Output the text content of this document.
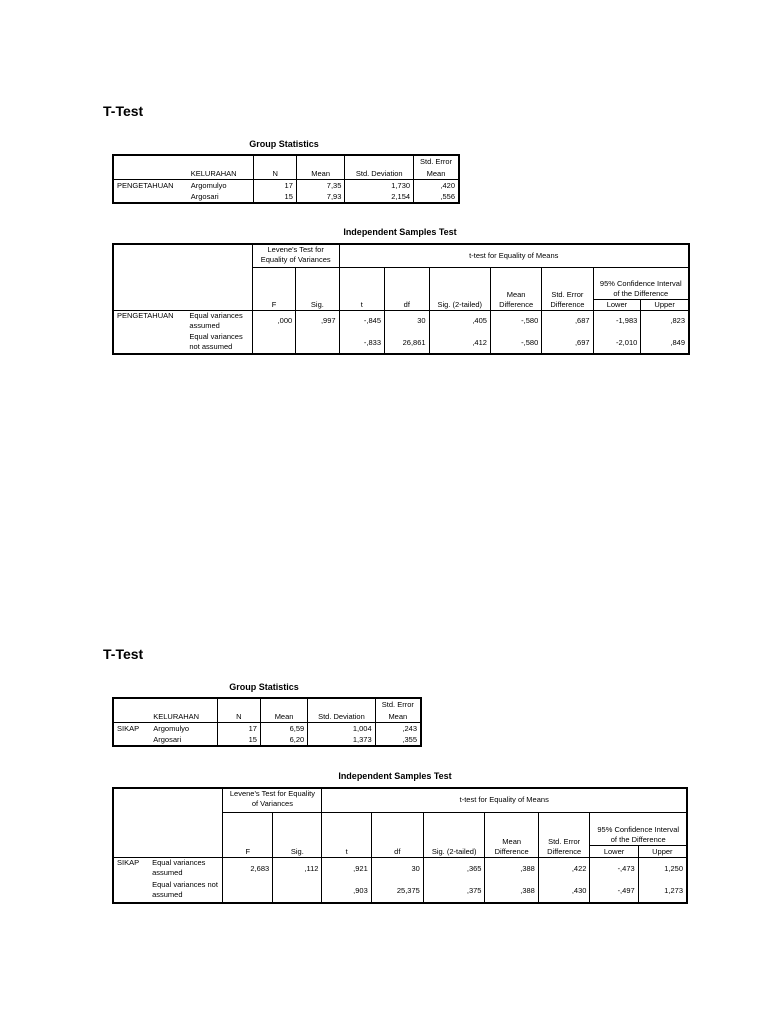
T-Test
Group Statistics
					Std. Error
	KELURAHAN	N	Mean	Std. Deviation	Mean
PENGETAHUAN	Argomulyo	17	7,35	1,730	,420
	Argosari	15	7,93	2,154	,556
Independent Samples Test
		Levene's Test for Equality of Variances		t-test for Equality of Means						
		F	Sig.	t	df	Sig. (2-tailed)	Mean Difference	Std. Error Difference	95% Confidence Interval of the Difference	
									Lower	Upper
PENGETAHUAN	Equal variances assumed	,000	,997	-,845	30	,405	-,580	,687	-1,983	,823
	Equal variances not assumed			-,833	26,861	,412	-,580	,697	-2,010	,849
T-Test
Group Statistics
					Std. Error
	KELURAHAN	N	Mean	Std. Deviation	Mean
SIKAP	Argomulyo	17	6,59	1,004	,243
	Argosari	15	6,20	1,373	,355
Independent Samples Test
		Levene's Test for Equality of Variances		t-test for Equality of Means						
		F	Sig.	t	df	Sig. (2-tailed)	Mean Difference	Std. Error Difference	95% Confidence Interval of the Difference	
									Lower	Upper
SIKAP	Equal variances assumed	2,683	,112	,921	30	,365	,388	,422	-,473	1,250
	Equal variances not assumed			,903	25,375	,375	,388	,430	-,497	1,273
